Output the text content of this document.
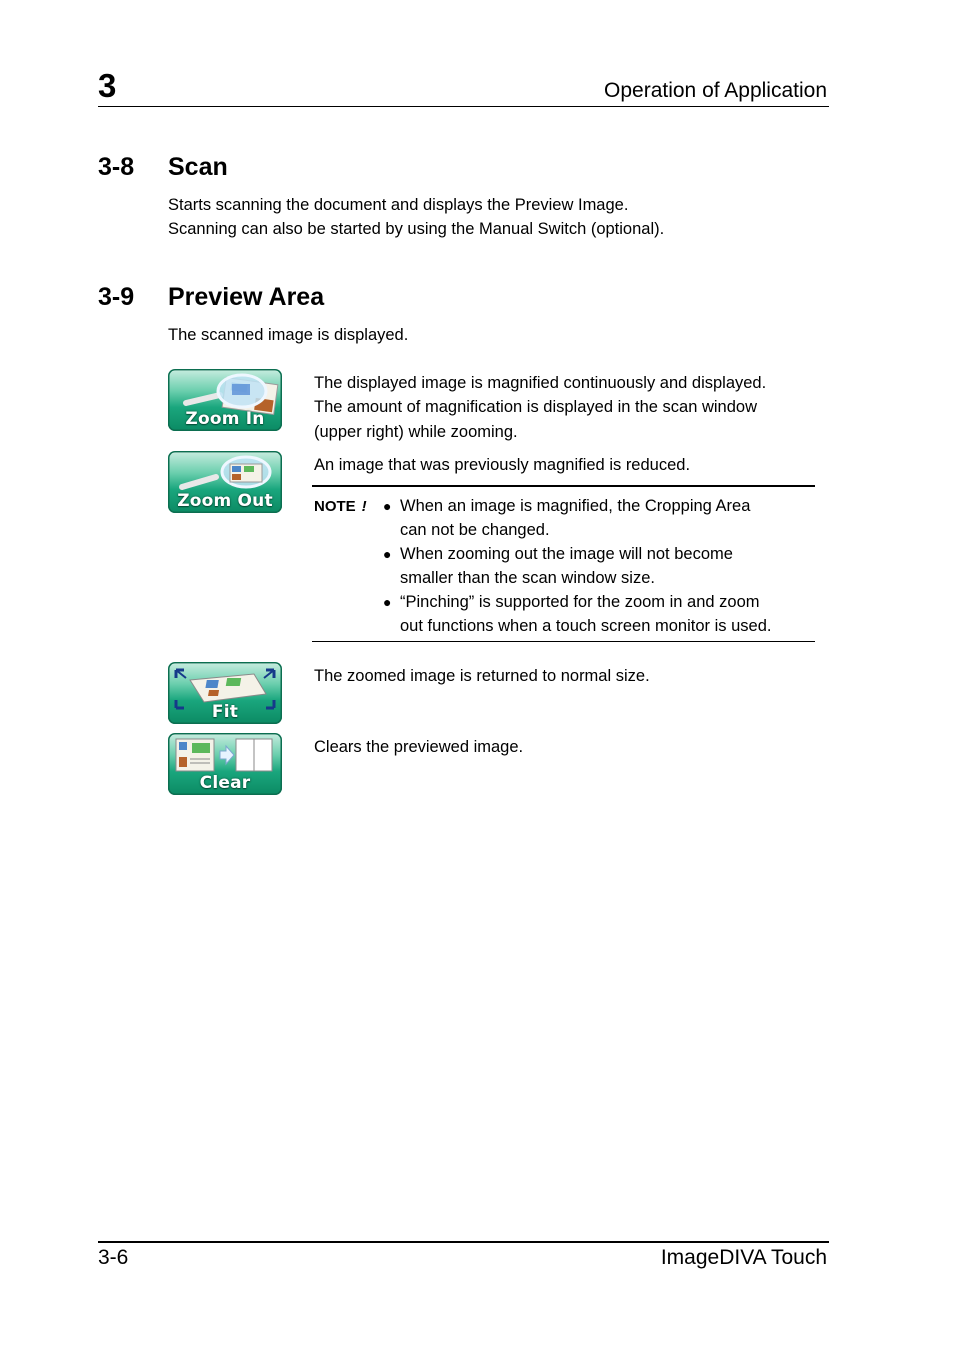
3	Operation of Application
3-8 Scan
Starts scanning the document and displays the Preview Image.
Scanning can also be started by using the Manual Switch (optional).
3-9 Preview Area
The scanned image is displayed.
Zoom In
The displayed image is magnified continuously and displayed.
The amount of magnification is displayed in the scan window
(upper right) while zooming.
Zoom Out
An image that was previously magnified is reduced.
NOTE ! ● When an image is magnified, the Cropping Area
can not be changed.
● When zooming out the image will not become
smaller than the scan window size.
● “Pinching” is supported for the zoom in and zoom
out functions when a touch screen monitor is used.
Fit
The zoomed image is returned to normal size.
Clear
Clears the previewed image.
3-6	ImageDIVA Touch
